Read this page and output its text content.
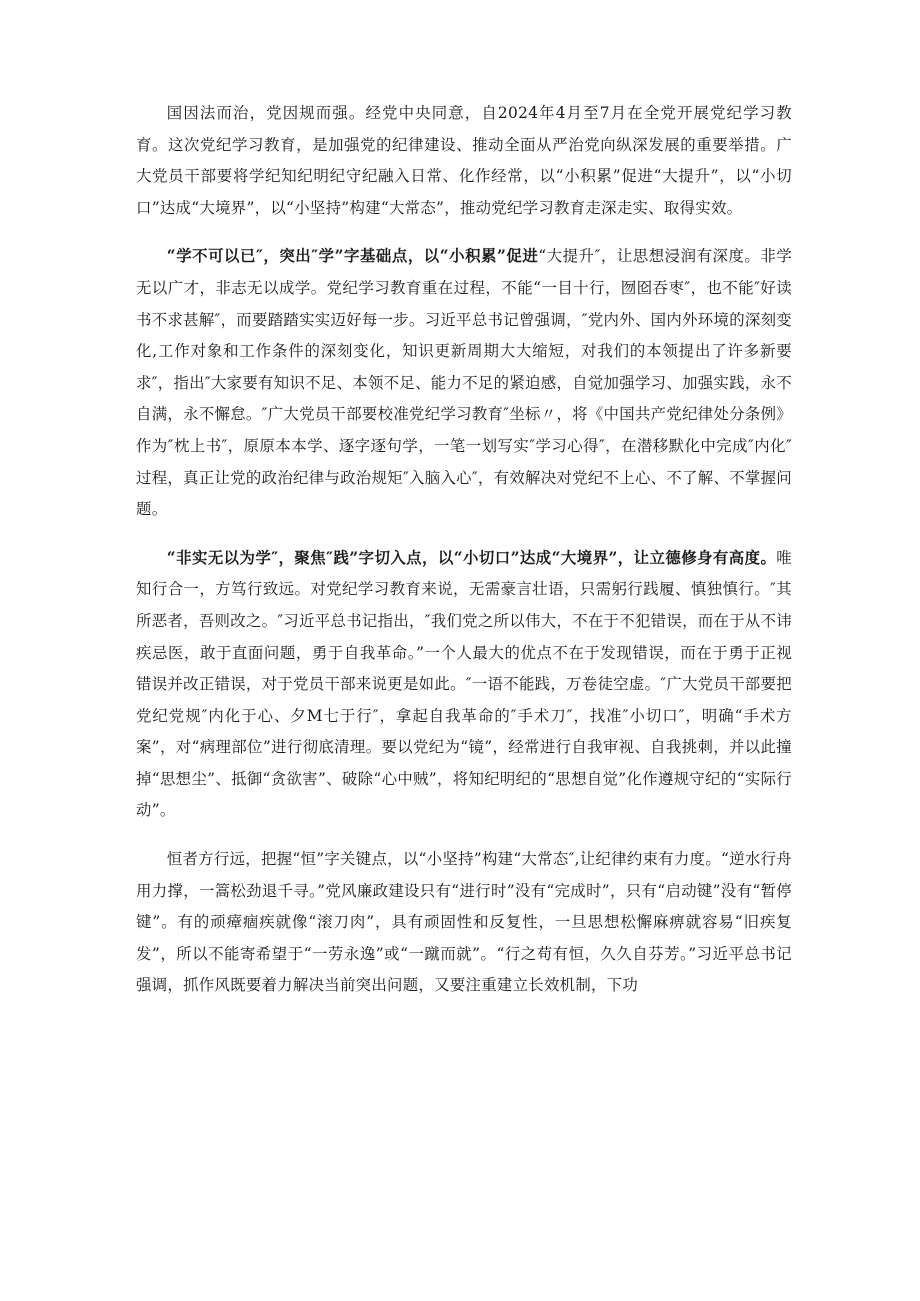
国因法而治，党因规而强。经党中央同意，自2024年4月至7月在全党开展党纪学习教育。这次党纪学习教育，是加强党的纪律建设、推动全面从严治党向纵深发展的重要举措。广大党员干部要将学纪知纪明纪守纪融入日常、化作经常，以“小积累”促进“大提升”，以“小切口”达成“大境界”，以“小坚持”构建“大常态”，推动党纪学习教育走深走实、取得实效。

“学不可以已″，突出″学”字基础点，以“小积累”促进“大提升″，让思想浸润有深度。非学无以广才，非志无以成学。党纪学习教育重在过程，不能“一目十行，囫囵吞枣″，也不能″好读书不求甚解″，而要踏踏实实迈好每一步。习近平总书记曾强调，″党内外、国内外环境的深刻变化,工作对象和工作条件的深刻变化，知识更新周期大大缩短，对我们的本领提出了许多新要求″，指出″大家要有知识不足、本领不足、能力不足的紧迫感，自觉加强学习、加强实践，永不自满，永不懈怠。″广大党员干部要校准党纪学习教育″坐标〃，将《中国共产党纪律处分条例》作为″枕上书″，原原本本学、逐字逐句学，一笔一划写实″学习心得″，在潜移默化中完成″内化″过程，真正让党的政治纪律与政治规矩″入脑入心″，有效解决对党纪不上心、不了解、不掌握问题。

“非实无以为学″，聚焦″践”字切入点，以“小切口”达成“大境界”，让立德修身有高度。唯知行合一，方笃行致远。对党纪学习教育来说，无需豪言壮语，只需躬行践履、慎独慎行。″其所恶者，吾则改之。″习近平总书记指出，″我们党之所以伟大，不在于不犯错误，而在于从不讳疾忌医，敢于直面问题，勇于自我革命。”一个人最大的优点不在于发现错误，而在于勇于正视错误并改正错误，对于党员干部来说更是如此。″一语不能践，万卷徒空虚。″广大党员干部要把党纪党规″内化于心、夕M七于行″，拿起自我革命的″手术刀″，找准″小切口″，明确“手术方案”，对“病理部位”进行彻底清理。要以党纪为“镜”，经常进行自我审视、自我挑刺，并以此撞掉“思想尘”、抵御“贪欲害”、破除“心中贼”，将知纪明纪的“思想自觉”化作遵规守纪的“实际行动”。

恒者方行远，把握“恒”字关键点，以“小坚持”构建“大常态″,让纪律约束有力度。“逆水行舟用力撑，一篙松劲退千寻。”党风廉政建设只有“进行时”没有“完成时”，只有“启动键”没有“暂停键”。有的顽瘴痼疾就像“滚刀肉”，具有顽固性和反复性，一旦思想松懈麻痹就容易“旧疾复发”，所以不能寄希望于“一劳永逸”或“一蹴而就”。“行之苟有恒，久久自芬芳。”习近平总书记强调，抓作风既要着力解决当前突出问题，又要注重建立长效机制，下功
